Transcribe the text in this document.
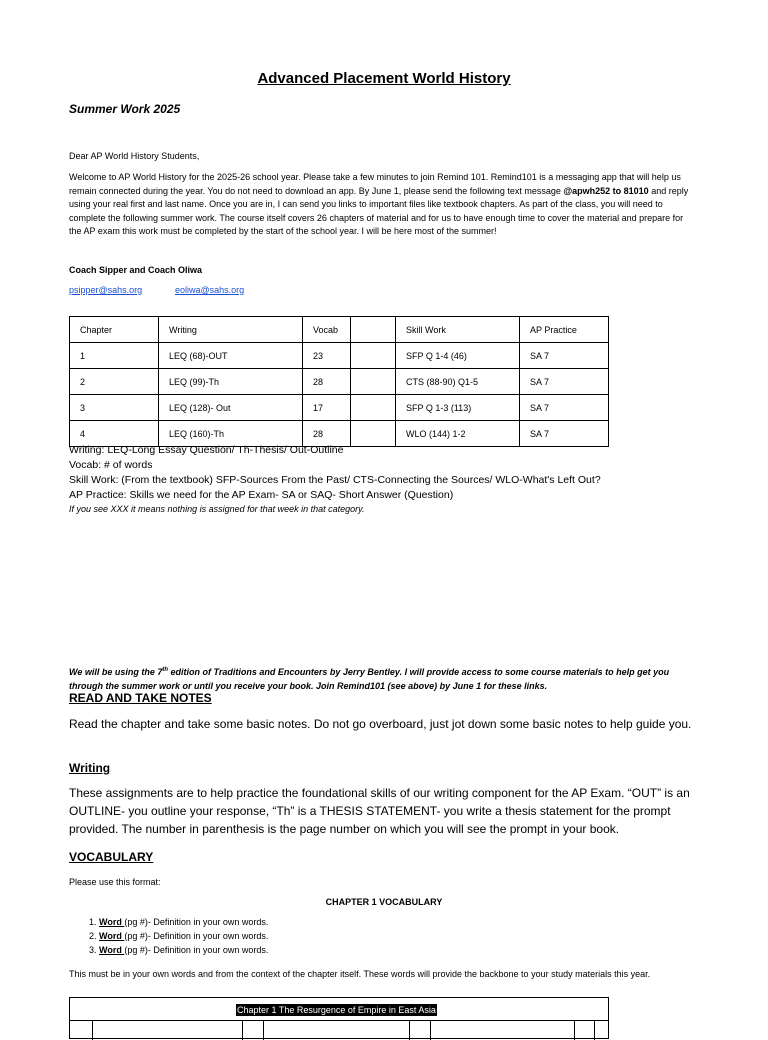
Advanced Placement World History
Summer Work 2025
Dear AP World History Students,
Welcome to AP World History for the 2025-26 school year. Please take a few minutes to join Remind 101. Remind101 is a messaging app that will help us remain connected during the year. You do not need to download an app. By June 1, please send the following text message @apwh252 to 81010 and reply using your real first and last name. Once you are in, I can send you links to important files like textbook chapters. As part of the class, you will need to complete the following summer work. The course itself covers 26 chapters of material and for us to have enough time to cover the material and prepare for the AP exam this work must be completed by the start of the school year. I will be here most of the summer!
Coach Sipper and Coach Oliwa
psipper@sahs.org	eoliwa@sahs.org
Chapter	Writing	Vocab		Skill Work	AP Practice
1	LEQ (68)-OUT	23		SFP Q 1-4 (46)	SA 7
2	LEQ (99)-Th	28		CTS (88-90) Q1-5	SA 7
3	LEQ (128)- Out	17		SFP Q 1-3 (113)	SA 7
4	LEQ (160)-Th	28		WLO (144) 1-2	SA 7
Writing: LEQ-Long Essay Question/ Th-Thesis/ Out-Outline
Vocab: # of words
Skill Work: (From the textbook) SFP-Sources From the Past/ CTS-Connecting the Sources/ WLO-What's Left Out?
AP Practice: Skills we need for the AP Exam- SA or SAQ- Short Answer (Question)
If you see XXX it means nothing is assigned for that week in that category.
We will be using the 7th edition of Traditions and Encounters by Jerry Bentley. I will provide access to some course materials to help get you through the summer work or until you receive your book. Join Remind101 (see above) by June 1 for these links.
READ AND TAKE NOTES
Read the chapter and take some basic notes. Do not go overboard, just jot down some basic notes to help guide you.
Writing
These assignments are to help practice the foundational skills of our writing component for the AP Exam. “OUT” is an OUTLINE- you outline your response, “Th” is a THESIS STATEMENT- you write a thesis statement for the prompt provided. The number in parenthesis is the page number on which you will see the prompt in your book.
VOCABULARY
Please use this format:
CHAPTER 1 VOCABULARY
1. Word (pg #)- Definition in your own words.
2. Word (pg #)- Definition in your own words.
3. Word (pg #)- Definition in your own words.
This must be in your own words and from the context of the chapter itself. These words will provide the backbone to your study materials this year.
Chapter 1 The Resurgence of Empire in East Asia
